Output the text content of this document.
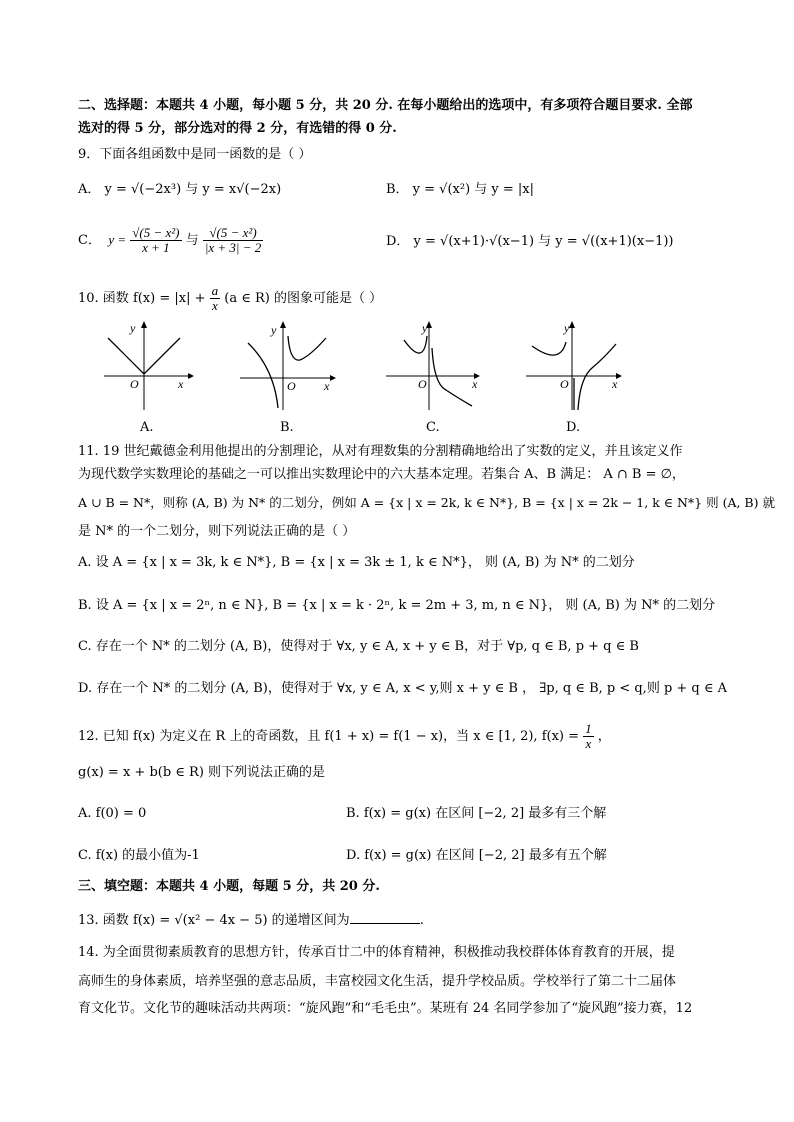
二、选择题：本题共 4 小题，每小题 5 分，共 20 分. 在每小题给出的选项中，有多项符合题目要求. 全部
选对的得 5 分，部分选对的得 2 分，有选错的得 0 分.
9．下面各组函数中是同一函数的是（ ）
A． y = √(−2x³) 与 y = x√(−2x)	B． y = √(x²) 与 y = |x|
C．  $y = \frac{\text{√(5 − x²)}}{x + 1}$ 与 $\frac{\text{√(5 − x²)}}{|x + 3| - 2}$	D． y = √(x+1)·√(x−1) 与 y = √((x+1)(x−1))
10. 函数 $f(x) = |x| + \frac{a}{x} (a$ ∈ R) 的图象可能是（ ）
y
x
O
A.
y
x
O
B.
y
x
O
C.
y
x
O
D.
11. 19 世纪戴德金利用他提出的分割理论，从对有理数集的分割精确地给出了实数的定义，并且该定义作
为现代数学实数理论的基础之一可以推出实数理论中的六大基本定理。若集合 A、B 满足： A ∩ B = ∅，
A ∪ B = N*，则称 (A, B) 为 N* 的二划分，例如 A = {x | x = 2k, k ∈ N*}, B = {x | x = 2k − 1, k ∈ N*} 则 (A, B) 就
是 N* 的一个二划分，则下列说法正确的是（ ）
A. 设 A = {x | x = 3k, k ∈ N*}, B = {x | x = 3k ± 1, k ∈ N*}， 则 (A, B) 为 N* 的二划分
B. 设 A = {x | x = 2ⁿ, n ∈ N}, B = {x | x = k · 2ⁿ, k = 2m + 3, m, n ∈ N}， 则 (A, B) 为 N* 的二划分
C. 存在一个 N* 的二划分 (A, B)，使得对于 ∀x, y ∈ A, x + y ∈ B，对于 ∀p, q ∈ B, p + q ∈ B
D. 存在一个 N* 的二划分 (A, B)，使得对于 ∀x, y ∈ A, x < y,则 x + y ∈ B ， ∃p, q ∈ B, p < q,则 p + q ∈ A
12. 已知 f(x) 为定义在 R 上的奇函数，且 f(1 + x) = f(1 − x)，当 x ∈ [1, 2), $f(x) = \frac{1}{x}$ ，
g(x) = x + b(b ∈ R) 则下列说法正确的是
A. f(0) = 0	B. f(x) = g(x) 在区间 [−2, 2] 最多有三个解
C. f(x) 的最小值为-1	D. f(x) = g(x) 在区间 [−2, 2] 最多有五个解
三、填空题：本题共 4 小题，每题 5 分，共 20 分.
13. 函数 f(x) = √(x² − 4x − 5) 的递增区间为	.
14. 为全面贯彻素质教育的思想方针，传承百廿二中的体育精神，积极推动我校群体体育教育的开展，提
高师生的身体素质，培养坚强的意志品质，丰富校园文化生活，提升学校品质。学校举行了第二十二届体
育文化节。文化节的趣味活动共两项：“旋风跑”和“毛毛虫”。某班有 24 名同学参加了“旋风跑”接力赛，12
